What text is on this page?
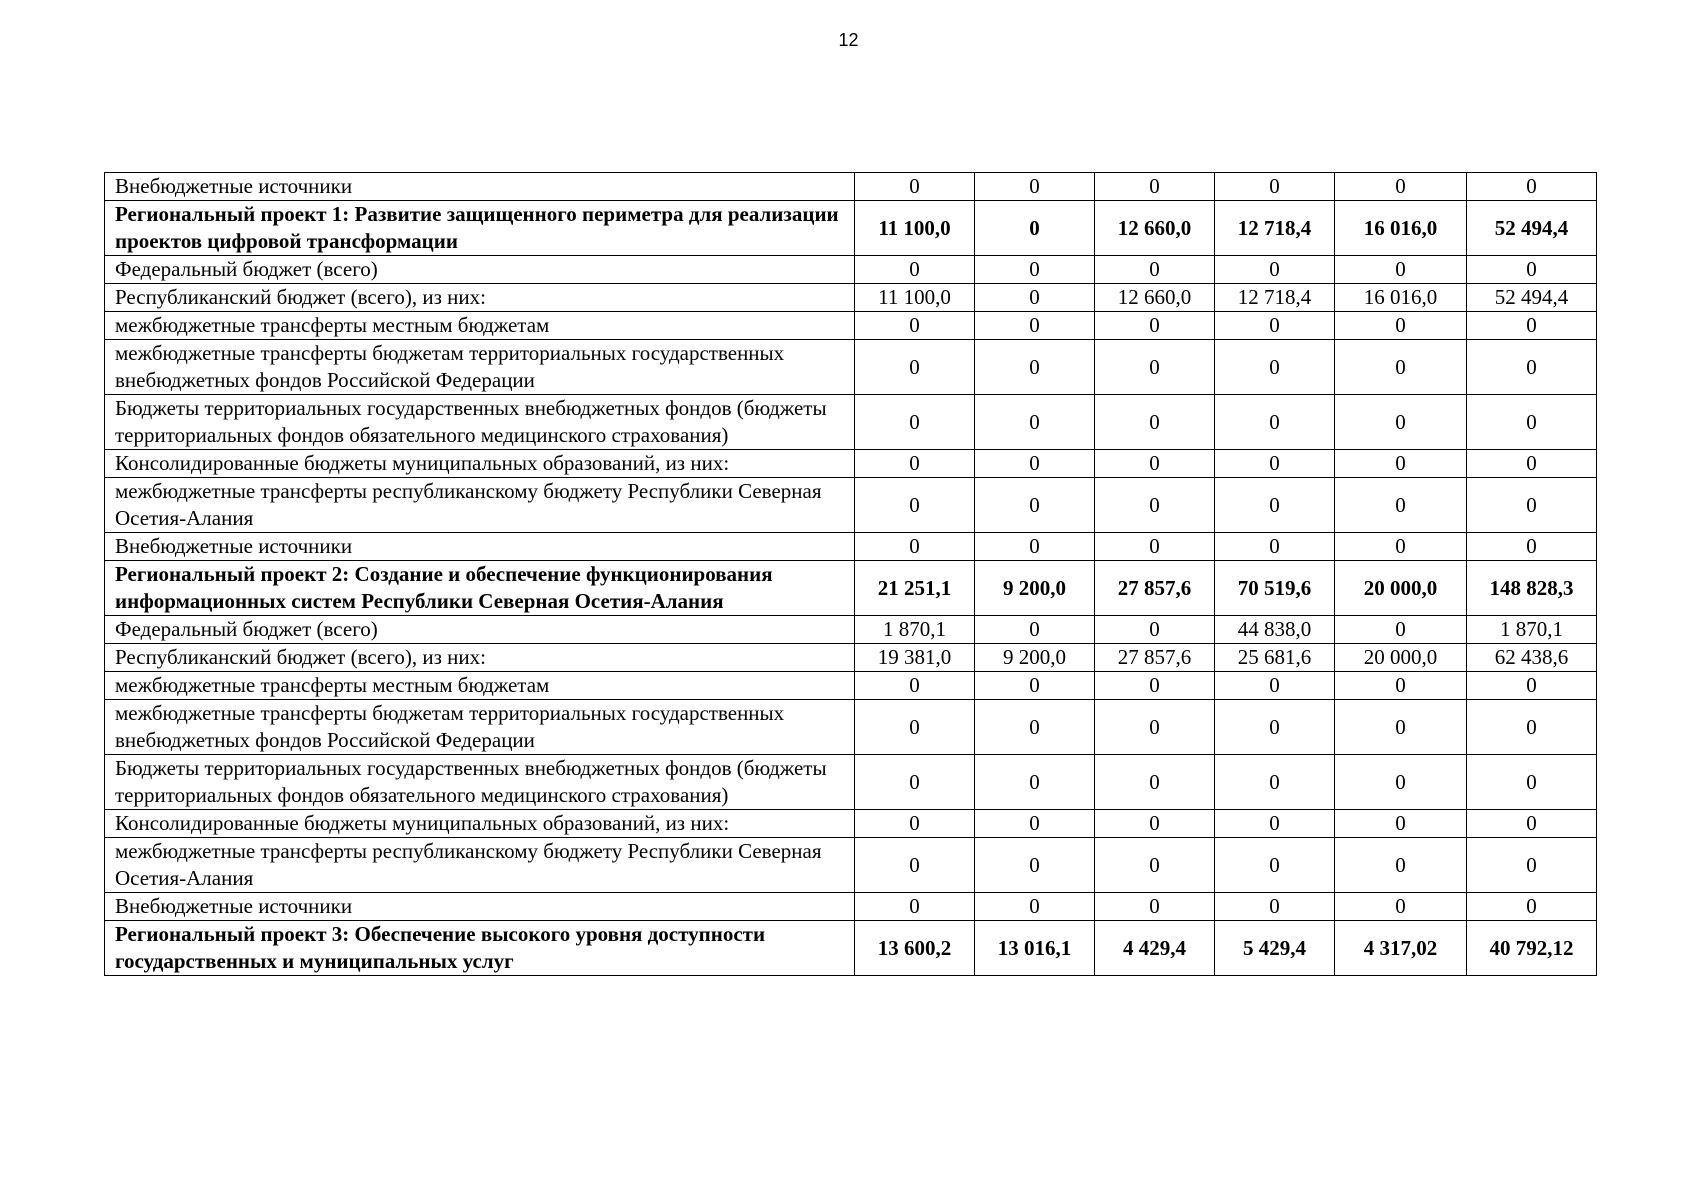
12
Внебюджетные источники	0	0	0	0	0	0
Региональный проект 1: Развитие защищенного периметра для реализации проектов цифровой трансформации	11 100,0	0	12 660,0	12 718,4	16 016,0	52 494,4
Федеральный бюджет (всего)	0	0	0	0	0	0
Республиканский бюджет (всего), из них:	11 100,0	0	12 660,0	12 718,4	16 016,0	52 494,4
межбюджетные трансферты местным бюджетам	0	0	0	0	0	0
межбюджетные трансферты бюджетам территориальных государственных внебюджетных фондов Российской Федерации	0	0	0	0	0	0
Бюджеты территориальных государственных внебюджетных фондов (бюджеты территориальных фондов обязательного медицинского страхования)	0	0	0	0	0	0
Консолидированные бюджеты муниципальных образований, из них:	0	0	0	0	0	0
межбюджетные трансферты республиканскому бюджету Республики Северная Осетия-Алания	0	0	0	0	0	0
Внебюджетные источники	0	0	0	0	0	0
Региональный проект 2: Создание и обеспечение функционирования информационных систем Республики Северная Осетия-Алания	21 251,1	9 200,0	27 857,6	70 519,6	20 000,0	148 828,3
Федеральный бюджет (всего)	1 870,1	0	0	44 838,0	0	1 870,1
Республиканский бюджет (всего), из них:	19 381,0	9 200,0	27 857,6	25 681,6	20 000,0	62 438,6
межбюджетные трансферты местным бюджетам	0	0	0	0	0	0
межбюджетные трансферты бюджетам территориальных государственных внебюджетных фондов Российской Федерации	0	0	0	0	0	0
Бюджеты территориальных государственных внебюджетных фондов (бюджеты территориальных фондов обязательного медицинского страхования)	0	0	0	0	0	0
Консолидированные бюджеты муниципальных образований, из них:	0	0	0	0	0	0
межбюджетные трансферты республиканскому бюджету Республики Северная Осетия-Алания	0	0	0	0	0	0
Внебюджетные источники	0	0	0	0	0	0
Региональный проект 3: Обеспечение высокого уровня доступности государственных и муниципальных услуг	13 600,2	13 016,1	4 429,4	5 429,4	4 317,02	40 792,12
